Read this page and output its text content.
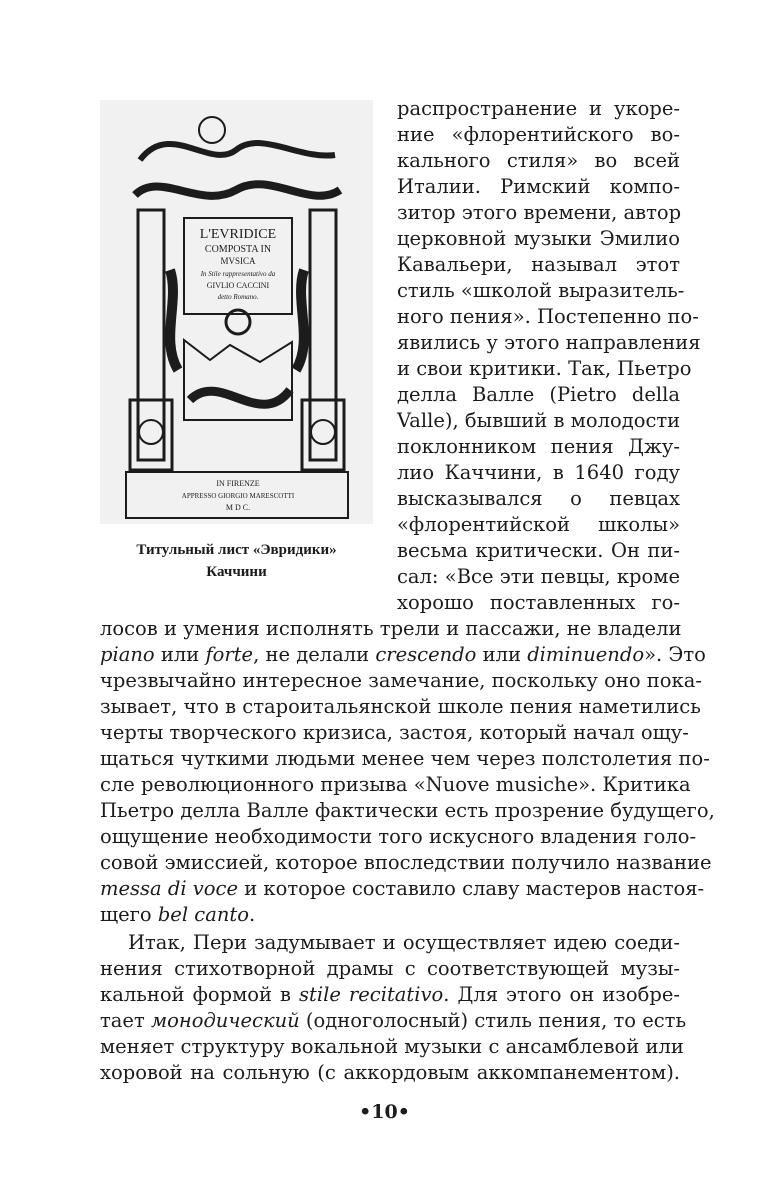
L'EVRIDICE
COMPOSTA IN
MVSICA
In Stile rappresentativo da
GIVLIO CACCINI
detto Romano.
IN FIRENZE
APPRESSO GIORGIO MARESCOTTI
M D C.
Титульный лист «Эвридики»
Каччини
распространение и укоре-
ние «флорентийского во-
кального стиля» во всей
Италии. Римский компо-
зитор этого времени, автор
церковной музыки Эмилио
Кавальери, называл этот
стиль «школой выразитель-
ного пения». Постепенно по-
явились у этого направления
и свои критики. Так, Пьетро
делла Валле (Pietro della
Valle), бывший в молодости
поклонником пения Джу-
лио Каччини, в 1640 году
высказывался о певцах
«флорентийской школы»
весьма критически. Он пи-
сал: «Все эти певцы, кроме
хорошо поставленных го-
лосов и умения исполнять трели и пассажи, не владели
piano или forte, не делали crescendo или diminuendo». Это
чрезвычайно интересное замечание, поскольку оно пока-
зывает, что в староитальянской школе пения наметились
черты творческого кризиса, застоя, который начал ощу-
щаться чуткими людьми менее чем через полстолетия по-
сле революционного призыва «Nuove musiche». Критика
Пьетро делла Валле фактически есть прозрение будущего,
ощущение необходимости того искусного владения голо-
совой эмиссией, которое впоследствии получило название
messa di voce и которое составило славу мастеров настоя-
щего bel canto.
Итак, Пери задумывает и осуществляет идею соеди-
нения стихотворной драмы с соответствующей музы-
кальной формой в stile recitativo. Для этого он изобре-
тает монодический (одноголосный) стиль пения, то есть
меняет структуру вокальной музыки с ансамблевой или
хоровой на сольную (с аккордовым аккомпанементом).
•10•
